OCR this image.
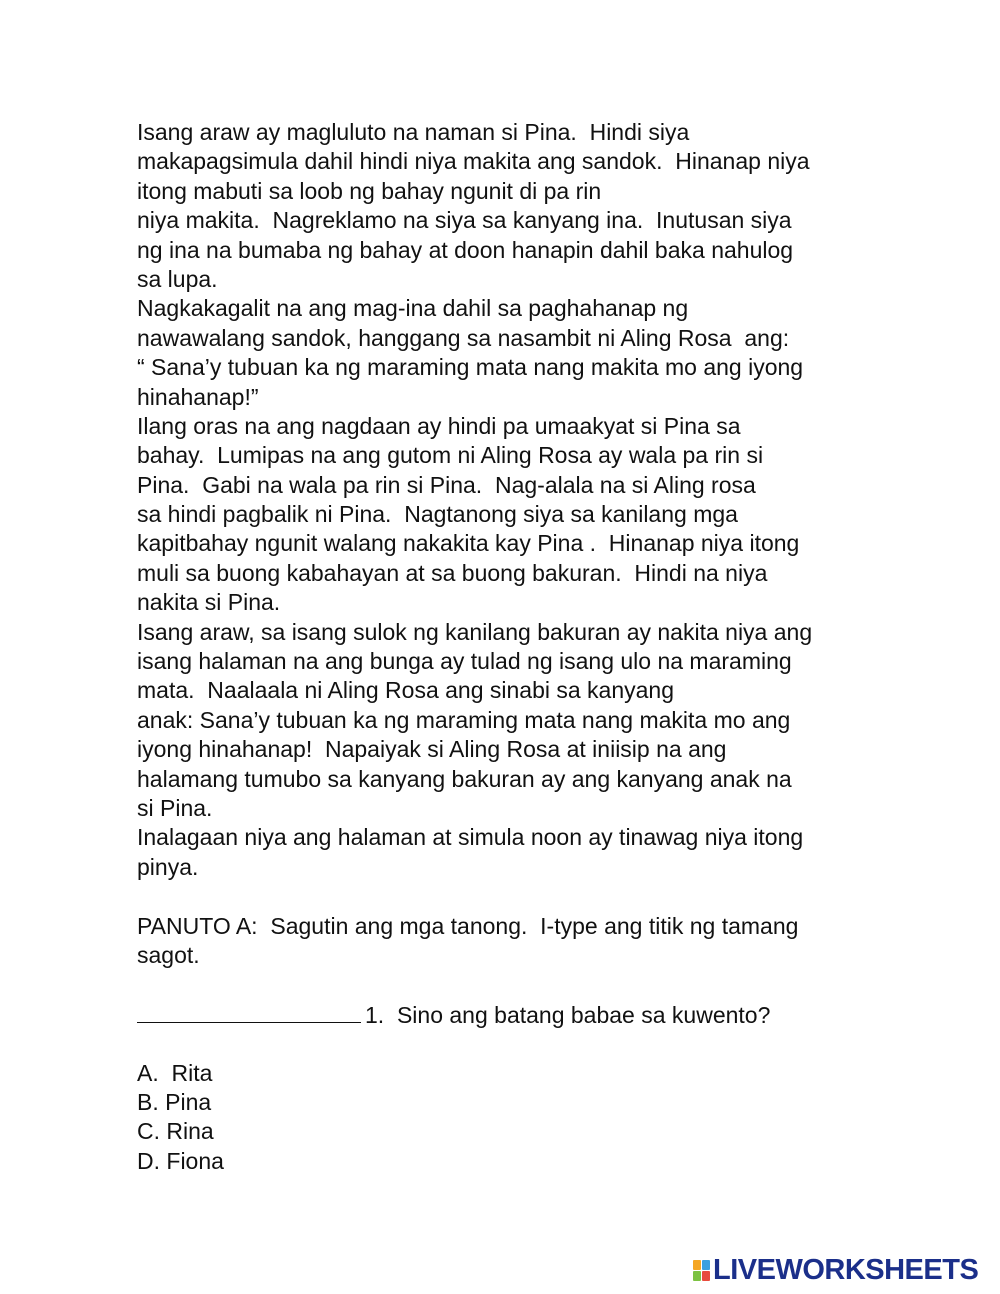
Isang araw ay magluluto na naman si Pina.  Hindi siya
makapagsimula dahil hindi niya makita ang sandok.  Hinanap niya
itong mabuti sa loob ng bahay ngunit di pa rin
niya makita.  Nagreklamo na siya sa kanyang ina.  Inutusan siya
ng ina na bumaba ng bahay at doon hanapin dahil baka nahulog
sa lupa.
Nagkakagalit na ang mag-ina dahil sa paghahanap ng
nawawalang sandok, hanggang sa nasambit ni Aling Rosa  ang:
“ Sana’y tubuan ka ng maraming mata nang makita mo ang iyong
hinahanap!”
Ilang oras na ang nagdaan ay hindi pa umaakyat si Pina sa
bahay.  Lumipas na ang gutom ni Aling Rosa ay wala pa rin si
Pina.  Gabi na wala pa rin si Pina.  Nag-alala na si Aling rosa
sa hindi pagbalik ni Pina.  Nagtanong siya sa kanilang mga
kapitbahay ngunit walang nakakita kay Pina .  Hinanap niya itong
muli sa buong kabahayan at sa buong bakuran.  Hindi na niya
nakita si Pina.
Isang araw, sa isang sulok ng kanilang bakuran ay nakita niya ang
isang halaman na ang bunga ay tulad ng isang ulo na maraming
mata.  Naalaala ni Aling Rosa ang sinabi sa kanyang
anak: Sana’y tubuan ka ng maraming mata nang makita mo ang
iyong hinahanap!  Napaiyak si Aling Rosa at iniisip na ang
halamang tumubo sa kanyang bakuran ay ang kanyang anak na
si Pina.
Inalagaan niya ang halaman at simula noon ay tinawag niya itong
pinya.
PANUTO A:  Sagutin ang mga tanong.  I-type ang titik ng tamang
sagot.
1.  Sino ang batang babae sa kuwento?
A.  Rita
B. Pina
C. Rina
D. Fiona
LIVEWORKSHEETS
